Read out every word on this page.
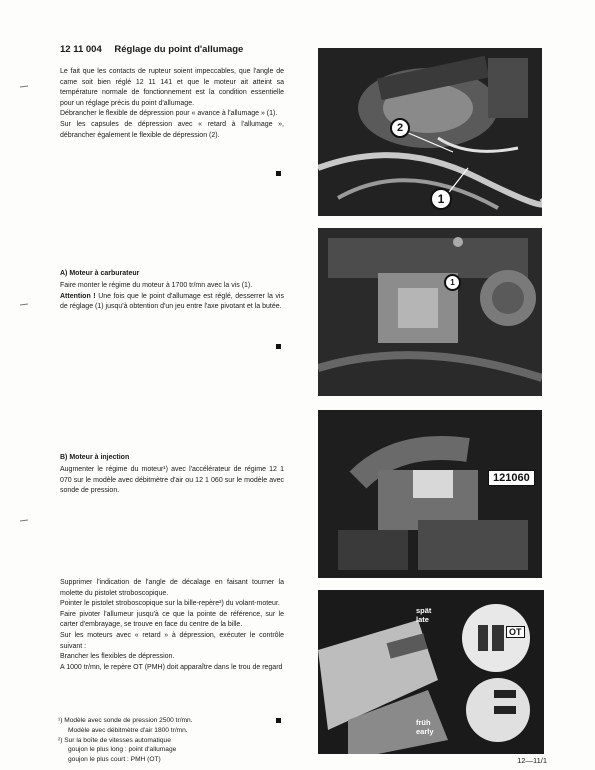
12 11 004 Réglage du point d'allumage

Le fait que les contacts de rupteur soient impeccables, que l'angle de came soit bien réglé 12 11 141 et que le moteur ait atteint sa température normale de fonctionnement est la condition essentielle pour un réglage précis du point d'allumage.

Débrancher le flexible de dépression pour « avance à l'allumage » (1).

Sur les capsules de dépression avec « retard à l'allumage », débrancher également le flexible de dépression (2).

A) Moteur à carburateur

Faire monter le régime du moteur à 1700 tr/mn avec la vis (1).

Attention ! Une fois que le point d'allumage est réglé, desserrer la vis de réglage (1) jusqu'à obtention d'un jeu entre l'axe pivotant et la butée.

B) Moteur à injection

Augmenter le régime du moteur¹) avec l'accélérateur de régime 12 1 070 sur le modèle avec débitmètre d'air ou 12 1 060 sur le modèle avec sonde de pression.

Supprimer l'indication de l'angle de décalage en faisant tourner la molette du pistolet stroboscopique.

Pointer le pistolet stroboscopique sur la bille-repère²) du volant-moteur.

Faire pivoter l'allumeur jusqu'à ce que la pointe de référence, sur le carter d'embrayage, se trouve en face du centre de la bille.

Sur les moteurs avec « retard » à dépression, exécuter le contrôle suivant :

Brancher les flexibles de dépression.

A 1000 tr/mn, le repère OT (PMH) doit apparaître dans le trou de regard

¹) Modèle avec sonde de pression 2500 tr/mn.
Modèle avec débitmètre d'air 1800 tr/mn.
²) Sur la boîte de vitesses automatique
goujon le plus long : point d'allumage
goujon le plus court : PMH (OT)
2
1
1
121060
spät
late
OT
früh
early
12—11/1
